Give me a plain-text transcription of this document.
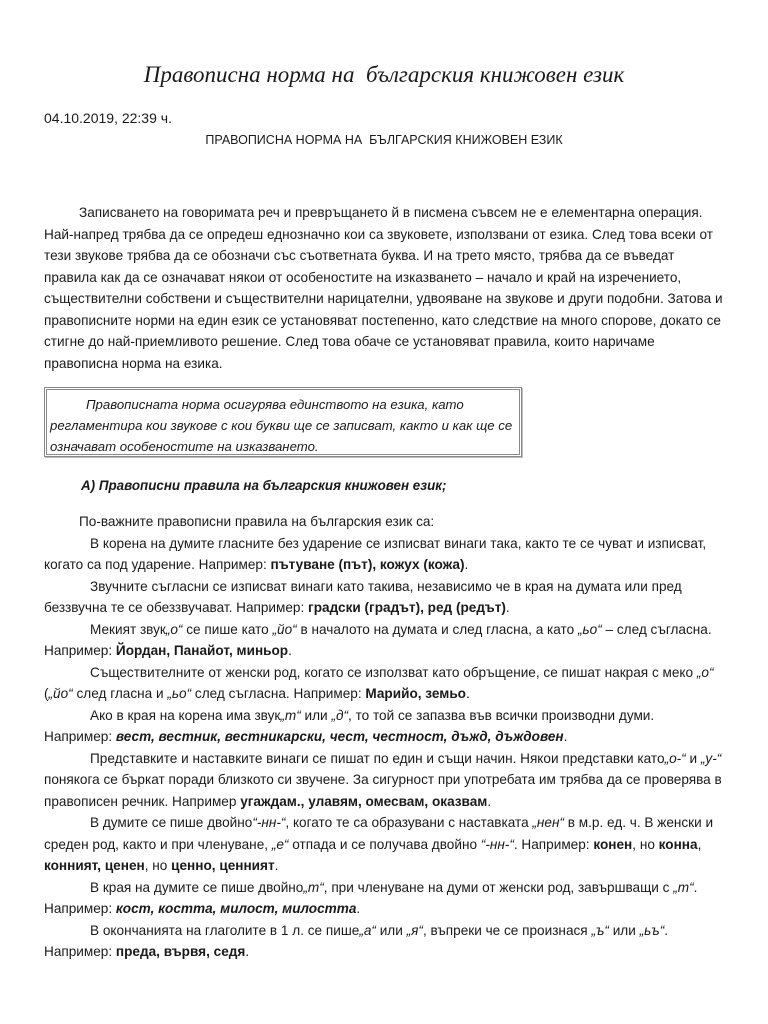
Правописна норма на  българския книжовен език
04.10.2019, 22:39 ч.
ПРАВОПИСНА НОРМА НА  БЪЛГАРСКИЯ КНИЖОВЕН ЕЗИК

Записването на говоримата реч и превръщането й в писмена съвсем не е елементарна операция. Най-напред трябва да се опредеш еднозначно кои са звуковете, използвани от езика. След това всеки от тези звукове трябва да се обозначи със съответната буква. И на трето място, трябва да се въведат правила как да се означават някои от особеностите на изказването – начало и край на изречението, съществителни собствени и съществителни нарицателни, удвояване на звукове и други подобни. Затова и правописните норми на един език се установяват постепенно, като следствие на много спорове, докато се стигне до най-приемливото решение. След това обаче се установяват правила, които наричаме правописна норма на езика.

Правописната норма осигурява единството на езика, като регламентира кои звукове с кои букви ще се записват, както и как ще се означават особеностите на изказването.

А) Правописни правила на българския книжовен език;

По-важните правописни правила на българския език са:

В корена на думите гласните без ударение се изписват винаги така, както те се чуват и изписват, когато са под ударение. Например: пътуване (път), кожух (кожа).

Звучните съгласни се изписват винаги като такива, независимо че в края на думата или пред беззвучна те се обеззвучават. Например: градски (градът), ред (редът).

Мекият звук„о“ се пише като „йо“ в началото на думата и след гласна, а като „ьо“ – след съгласна. Например: Йордан, Панайот, миньор.

Съществителните от женски род, когато се използват като обръщение, се пишат накрая с меко „о“ („йо“ след гласна и „ьо“ след съгласна. Например: Марийо, земьо.

Ако в края на корена има звук„т“ или „д“, то той се запазва във всички производни думи. Например: вест, вестник, вестникарски, чест, честност, дъжд, дъждовен.

Представките и наставките винаги се пишат по един и същи начин. Някои представки като„о-“ и „у-“ понякога се бъркат поради близкото си звучене. За сигурност при употребата им трябва да се проверява в правописен речник. Например угаждам., улавям, омесвам, оказвам.

В думите се пише двойно“-нн-“, когато те са образувани с наставката „нен“ в м.р. ед. ч. В женски и среден род, както и при членуване, „е“ отпада и се получава двойно “-нн-“. Например: конен, но конна, конният, ценен, но ценно, ценният.

В края на думите се пише двойно„т“, при членуване на думи от женски род, завършващи с „т“. Например: кост, костта, милост, милостта.

В окончанията на глаголите в 1 л. се пише„а“ или „я“, въпреки че се произнася „ъ“ или „ьъ“. Например: преда, вървя, седя.
